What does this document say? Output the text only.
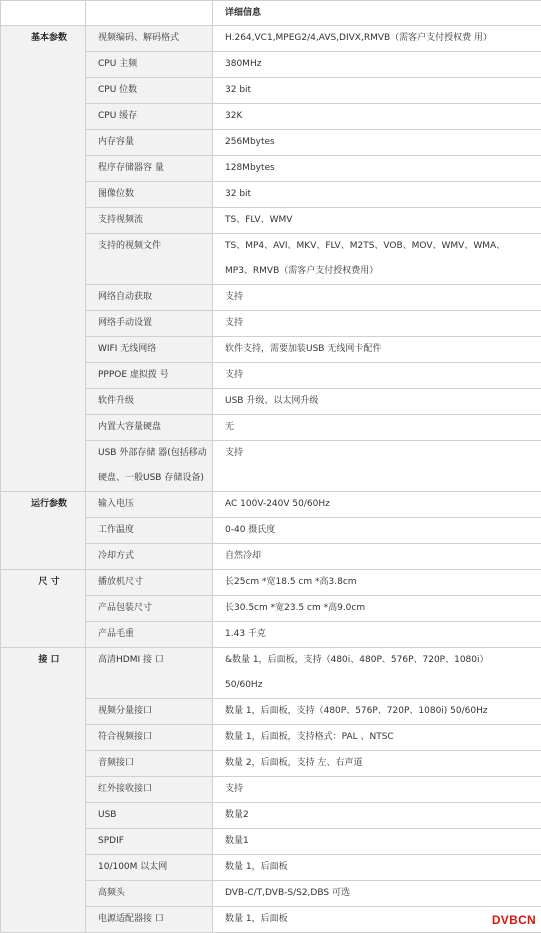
		详细信息
基本参数	视频编码、解码格式	H.264,VC1,MPEG2/4,AVS,DIVX,RMVB（需客户支付授权费 用）

	CPU 主频	380MHz

	CPU 位数	32 bit

	CPU 缓存	32K

	内存容量	256Mbytes

	程序存储器容 量	128Mbytes

	图像位数	32 bit

	支持视频流	TS、FLV、WMV

	支持的视频文件	TS、MP4、AVI、MKV、FLV、M2TS、VOB、MOV、WMV、WMA、
MP3、RMVB（需客户支付授权费用）

	网络自动获取	支持

	网络手动设置	支持

	WIFI 无线网络	软件支持，需要加装USB 无线网卡配件

	PPPOE 虚拟拨 号	支持

	软件升级	USB 升级、以太网升级

	内置大容量硬盘	无

	USB 外部存储 器(包括移动硬盘、一般USB 存储设备)	支持

运行参数	输入电压	AC 100V-240V 50/60Hz

	工作温度	0-40 摄氏度

	冷却方式	自然冷却

尺 寸	播放机尺寸	长25cm *宽18.5 cm *高3.8cm

	产品包装尺寸	长30.5cm *宽23.5 cm *高9.0cm

	产品毛重	1.43 千克

接 口	高清HDMI 接 口	&数量 1，后面板，支持（480i、480P、576P、720P、1080i）
50/60Hz

	视频分量接口	数量 1，后面板，支持（480P、576P、720P、1080i) 50/60Hz

	符合视频接口	数量 1，后面板，支持格式：PAL 、NTSC

	音频接口	数量 2，后面板，支持 左、右声道

	红外接收接口	支持

	USB	数量2

	SPDIF	数量1

	10/100M 以太网	数量 1，后面板

	高频头	DVB-C/T,DVB-S/S2,DBS 可选

	电源适配器接 口	数量 1，后面板	DVBCN
